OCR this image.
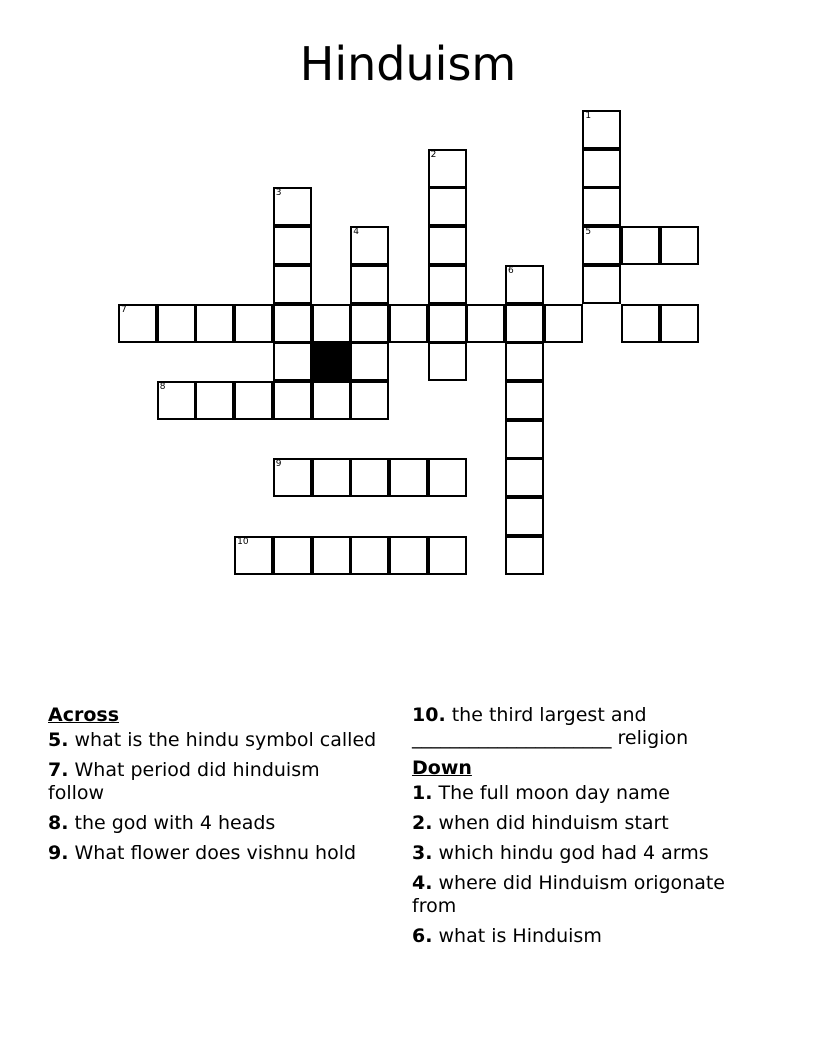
Hinduism
1
5
2
3
4
6
7
8
9
10
Across
5. what is the hindu symbol called
7. What period did hinduism follow
8. the god with 4 heads
9. What flower does vishnu hold
10. the third largest and _____________________ religion
Down
1. The full moon day name
2. when did hinduism start
3. which hindu god had 4 arms
4. where did Hinduism origonate from
6. what is Hinduism
